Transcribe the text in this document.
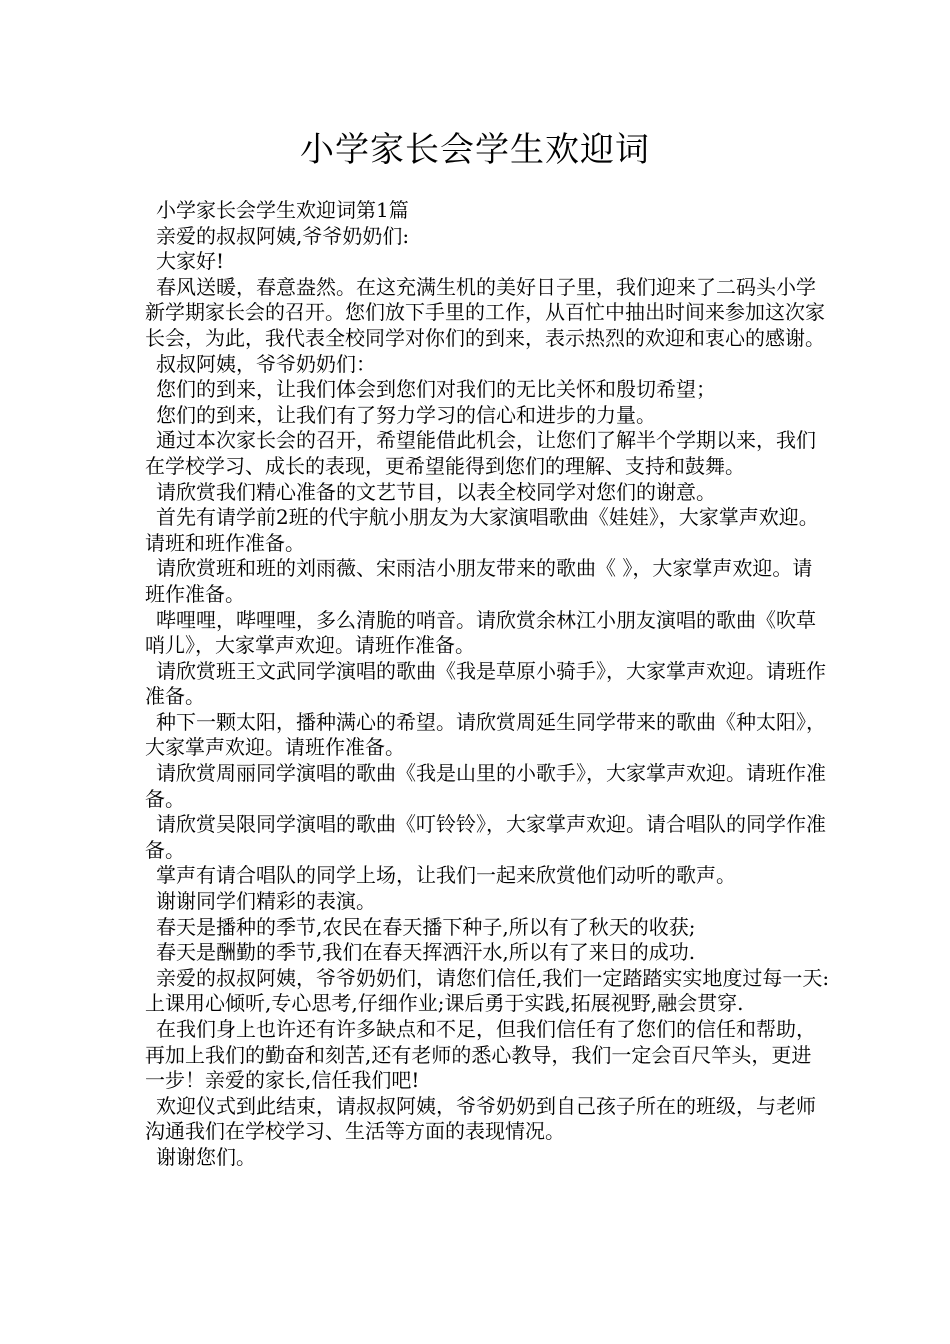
小学家长会学生欢迎词

小学家长会学生欢迎词第1篇

亲爱的叔叔阿姨,爷爷奶奶们:

大家好!

春风送暖，春意盎然。在这充满生机的美好日子里，我们迎来了二码头小学新学期家长会的召开。您们放下手里的工作，从百忙中抽出时间来参加这次家长会，为此，我代表全校同学对你们的到来，表示热烈的欢迎和衷心的感谢。

叔叔阿姨，爷爷奶奶们：

您们的到来，让我们体会到您们对我们的无比关怀和殷切希望；

您们的到来，让我们有了努力学习的信心和进步的力量。

通过本次家长会的召开，希望能借此机会，让您们了解半个学期以来，我们在学校学习、成长的表现，更希望能得到您们的理解、支持和鼓舞。

请欣赏我们精心准备的文艺节目，以表全校同学对您们的谢意。

首先有请学前2班的代宇航小朋友为大家演唱歌曲《娃娃》，大家掌声欢迎。请班和班作准备。

请欣赏班和班的刘雨薇、宋雨洁小朋友带来的歌曲《 》，大家掌声欢迎。请班作准备。

哔哩哩，哔哩哩，多么清脆的哨音。请欣赏余林江小朋友演唱的歌曲《吹草哨儿》，大家掌声欢迎。请班作准备。

请欣赏班王文武同学演唱的歌曲《我是草原小骑手》，大家掌声欢迎。请班作准备。

种下一颗太阳，播种满心的希望。请欣赏周延生同学带来的歌曲《种太阳》，大家掌声欢迎。请班作准备。

请欣赏周丽同学演唱的歌曲《我是山里的小歌手》，大家掌声欢迎。请班作准备。

请欣赏吴限同学演唱的歌曲《叮铃铃》，大家掌声欢迎。请合唱队的同学作准备。

掌声有请合唱队的同学上场，让我们一起来欣赏他们动听的歌声。

谢谢同学们精彩的表演。

春天是播种的季节,农民在春天播下种子,所以有了秋天的收获;

春天是酬勤的季节,我们在春天挥洒汗水,所以有了来日的成功.

亲爱的叔叔阿姨，爷爷奶奶们，请您们信任,我们一定踏踏实实地度过每一天:上课用心倾听,专心思考,仔细作业;课后勇于实践,拓展视野,融会贯穿.

在我们身上也许还有许多缺点和不足，但我们信任有了您们的信任和帮助，再加上我们的勤奋和刻苦,还有老师的悉心教导，我们一定会百尺竿头，更进一步！亲爱的家长,信任我们吧!

欢迎仪式到此结束，请叔叔阿姨，爷爷奶奶到自己孩子所在的班级，与老师沟通我们在学校学习、生活等方面的表现情况。

谢谢您们。
